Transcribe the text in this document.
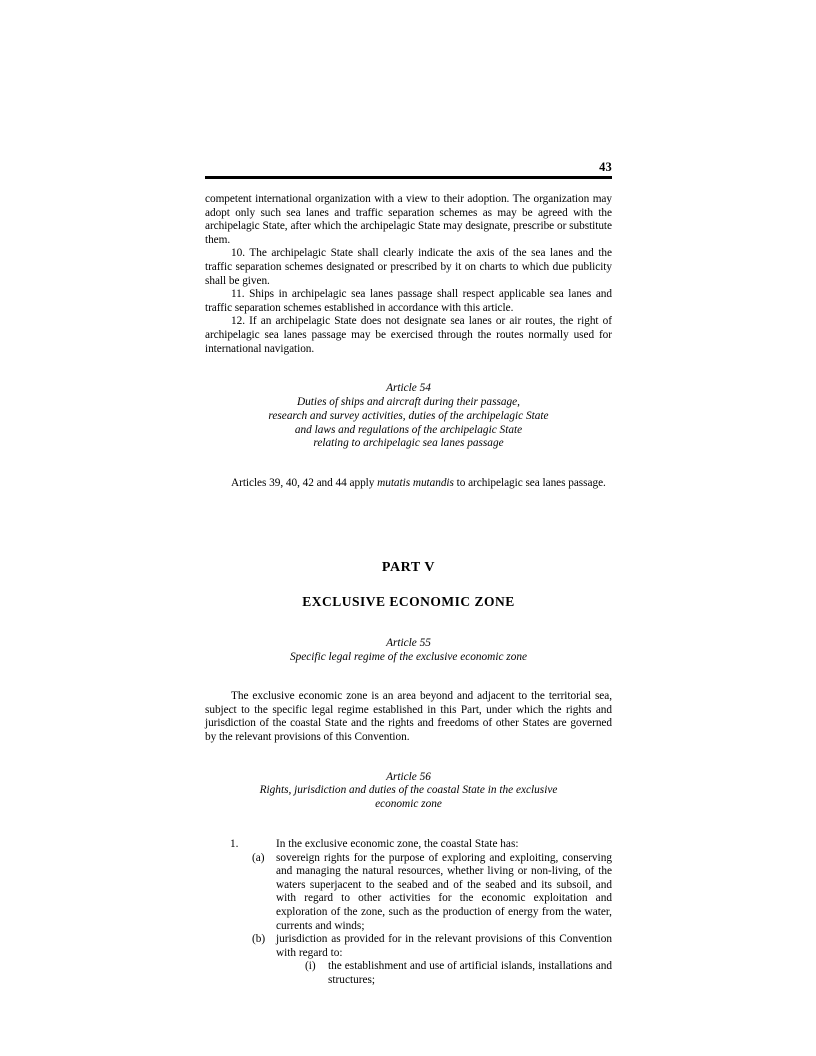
43

competent international organization with a view to their adoption. The organization may adopt only such sea lanes and traffic separation schemes as may be agreed with the archipelagic State, after which the archipelagic State may designate, prescribe or substitute them.

10. The archipelagic State shall clearly indicate the axis of the sea lanes and the traffic separation schemes designated or prescribed by it on charts to which due publicity shall be given.

11. Ships in archipelagic sea lanes passage shall respect applicable sea lanes and traffic separation schemes established in accordance with this article.

12. If an archipelagic State does not designate sea lanes or air routes, the right of archipelagic sea lanes passage may be exercised through the routes normally used for international navigation.

Article 54
Duties of ships and aircraft during their passage,
research and survey activities, duties of the archipelagic State
and laws and regulations of the archipelagic State
relating to archipelagic sea lanes passage

Articles 39, 40, 42 and 44 apply mutatis mutandis to archipelagic sea lanes passage.

PART V
EXCLUSIVE ECONOMIC ZONE
Article 55
Specific legal regime of the exclusive economic zone

The exclusive economic zone is an area beyond and adjacent to the territorial sea, subject to the specific legal regime established in this Part, under which the rights and jurisdiction of the coastal State and the rights and freedoms of other States are governed by the relevant provisions of this Convention.

Article 56
Rights, jurisdiction and duties of the coastal State in the exclusive
economic zone
1.	In the exclusive economic zone, the coastal State has:
(a) sovereign rights for the purpose of exploring and exploiting, conserving and managing the natural resources, whether living or non-living, of the waters superjacent to the seabed and of the seabed and its subsoil, and with regard to other activities for the economic exploitation and exploration of the zone, such as the production of energy from the water, currents and winds;
(b) jurisdiction as provided for in the relevant provisions of this Convention with regard to:
(i) the establishment and use of artificial islands, installations and structures;
